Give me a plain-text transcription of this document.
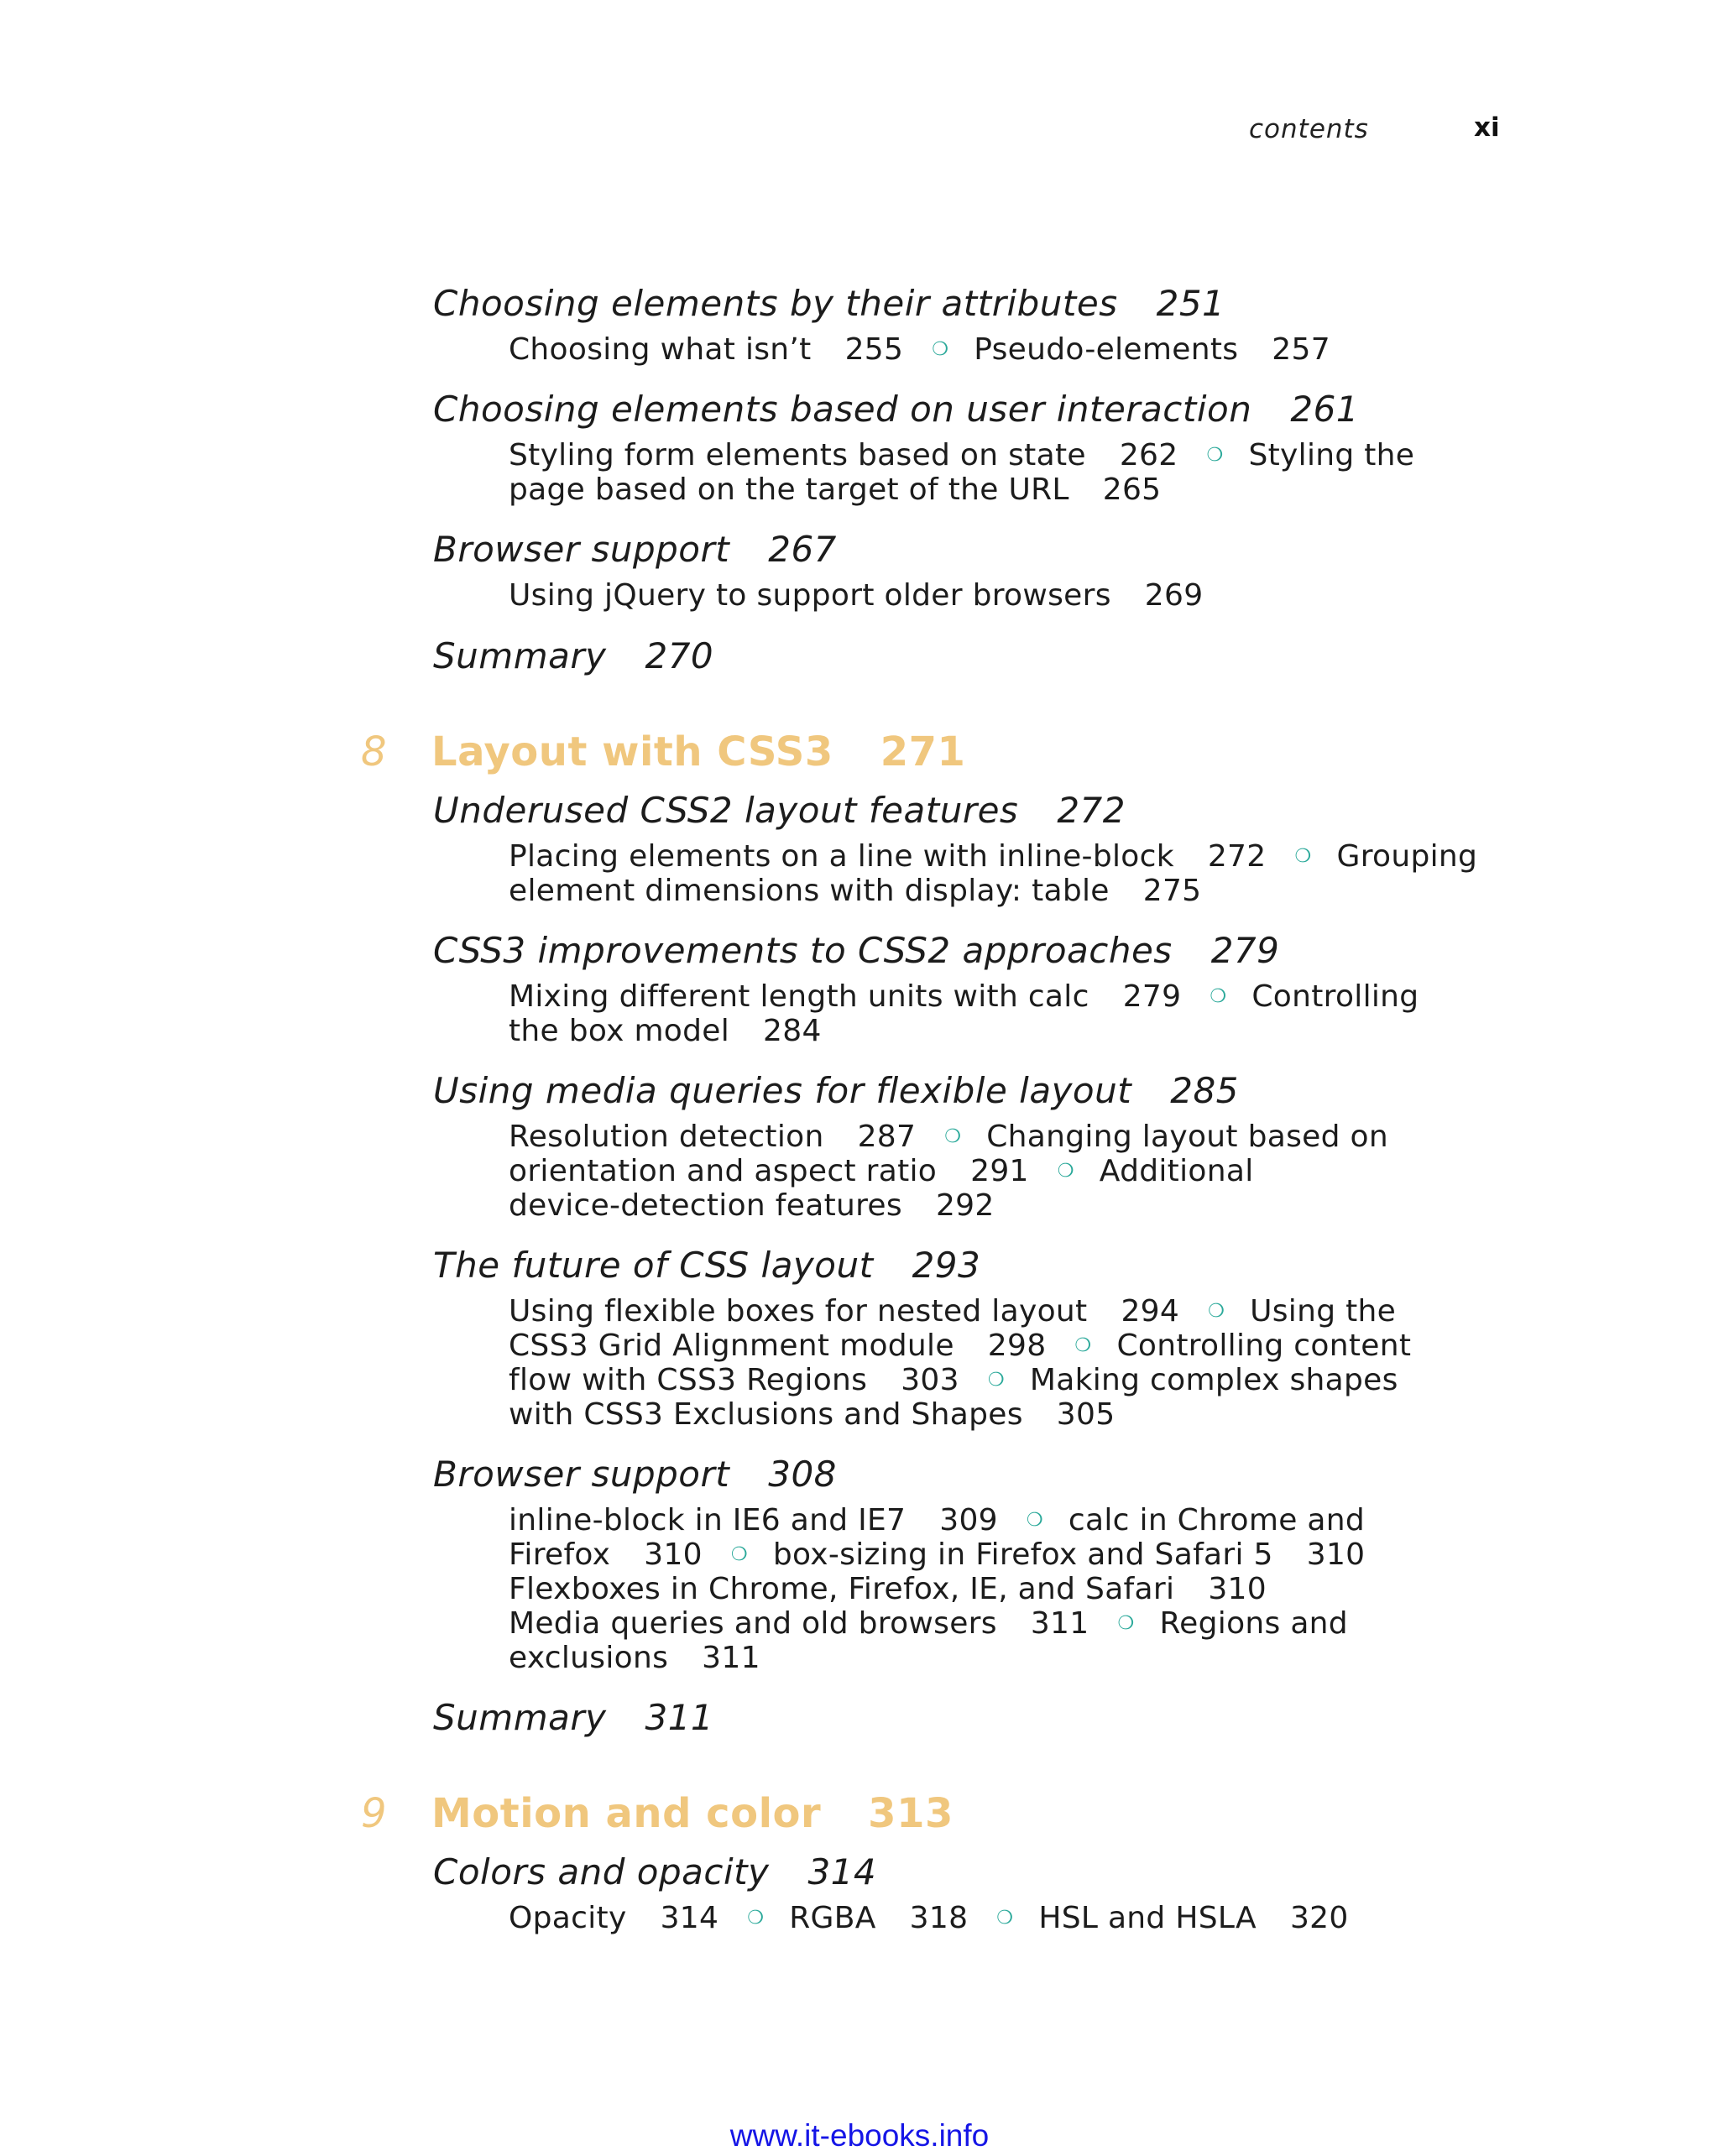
contents	xi
Choosing elements by their attributes 251
Choosing what isn’t 255 ❍ Pseudo-elements 257
Choosing elements based on user interaction 261
Styling form elements based on state 262 ❍ Styling the
page based on the target of the URL 265
Browser support 267
Using jQuery to support older browsers 269
Summary 270
8 Layout with CSS3 271
Underused CSS2 layout features 272
Placing elements on a line with inline-block 272 ❍ Grouping
element dimensions with display: table 275
CSS3 improvements to CSS2 approaches 279
Mixing different length units with calc 279 ❍ Controlling
the box model 284
Using media queries for flexible layout 285
Resolution detection 287 ❍ Changing layout based on
orientation and aspect ratio 291 ❍ Additional
device-detection features 292
The future of CSS layout 293
Using flexible boxes for nested layout 294 ❍ Using the
CSS3 Grid Alignment module 298 ❍ Controlling content
flow with CSS3 Regions 303 ❍ Making complex shapes
with CSS3 Exclusions and Shapes 305
Browser support 308
inline-block in IE6 and IE7 309 ❍ calc in Chrome and
Firefox 310 ❍ box-sizing in Firefox and Safari 5 310
Flexboxes in Chrome, Firefox, IE, and Safari 310
Media queries and old browsers 311 ❍ Regions and
exclusions 311
Summary 311
9 Motion and color 313
Colors and opacity 314
Opacity 314 ❍ RGBA 318 ❍ HSL and HSLA 320
www.it-ebooks.info
